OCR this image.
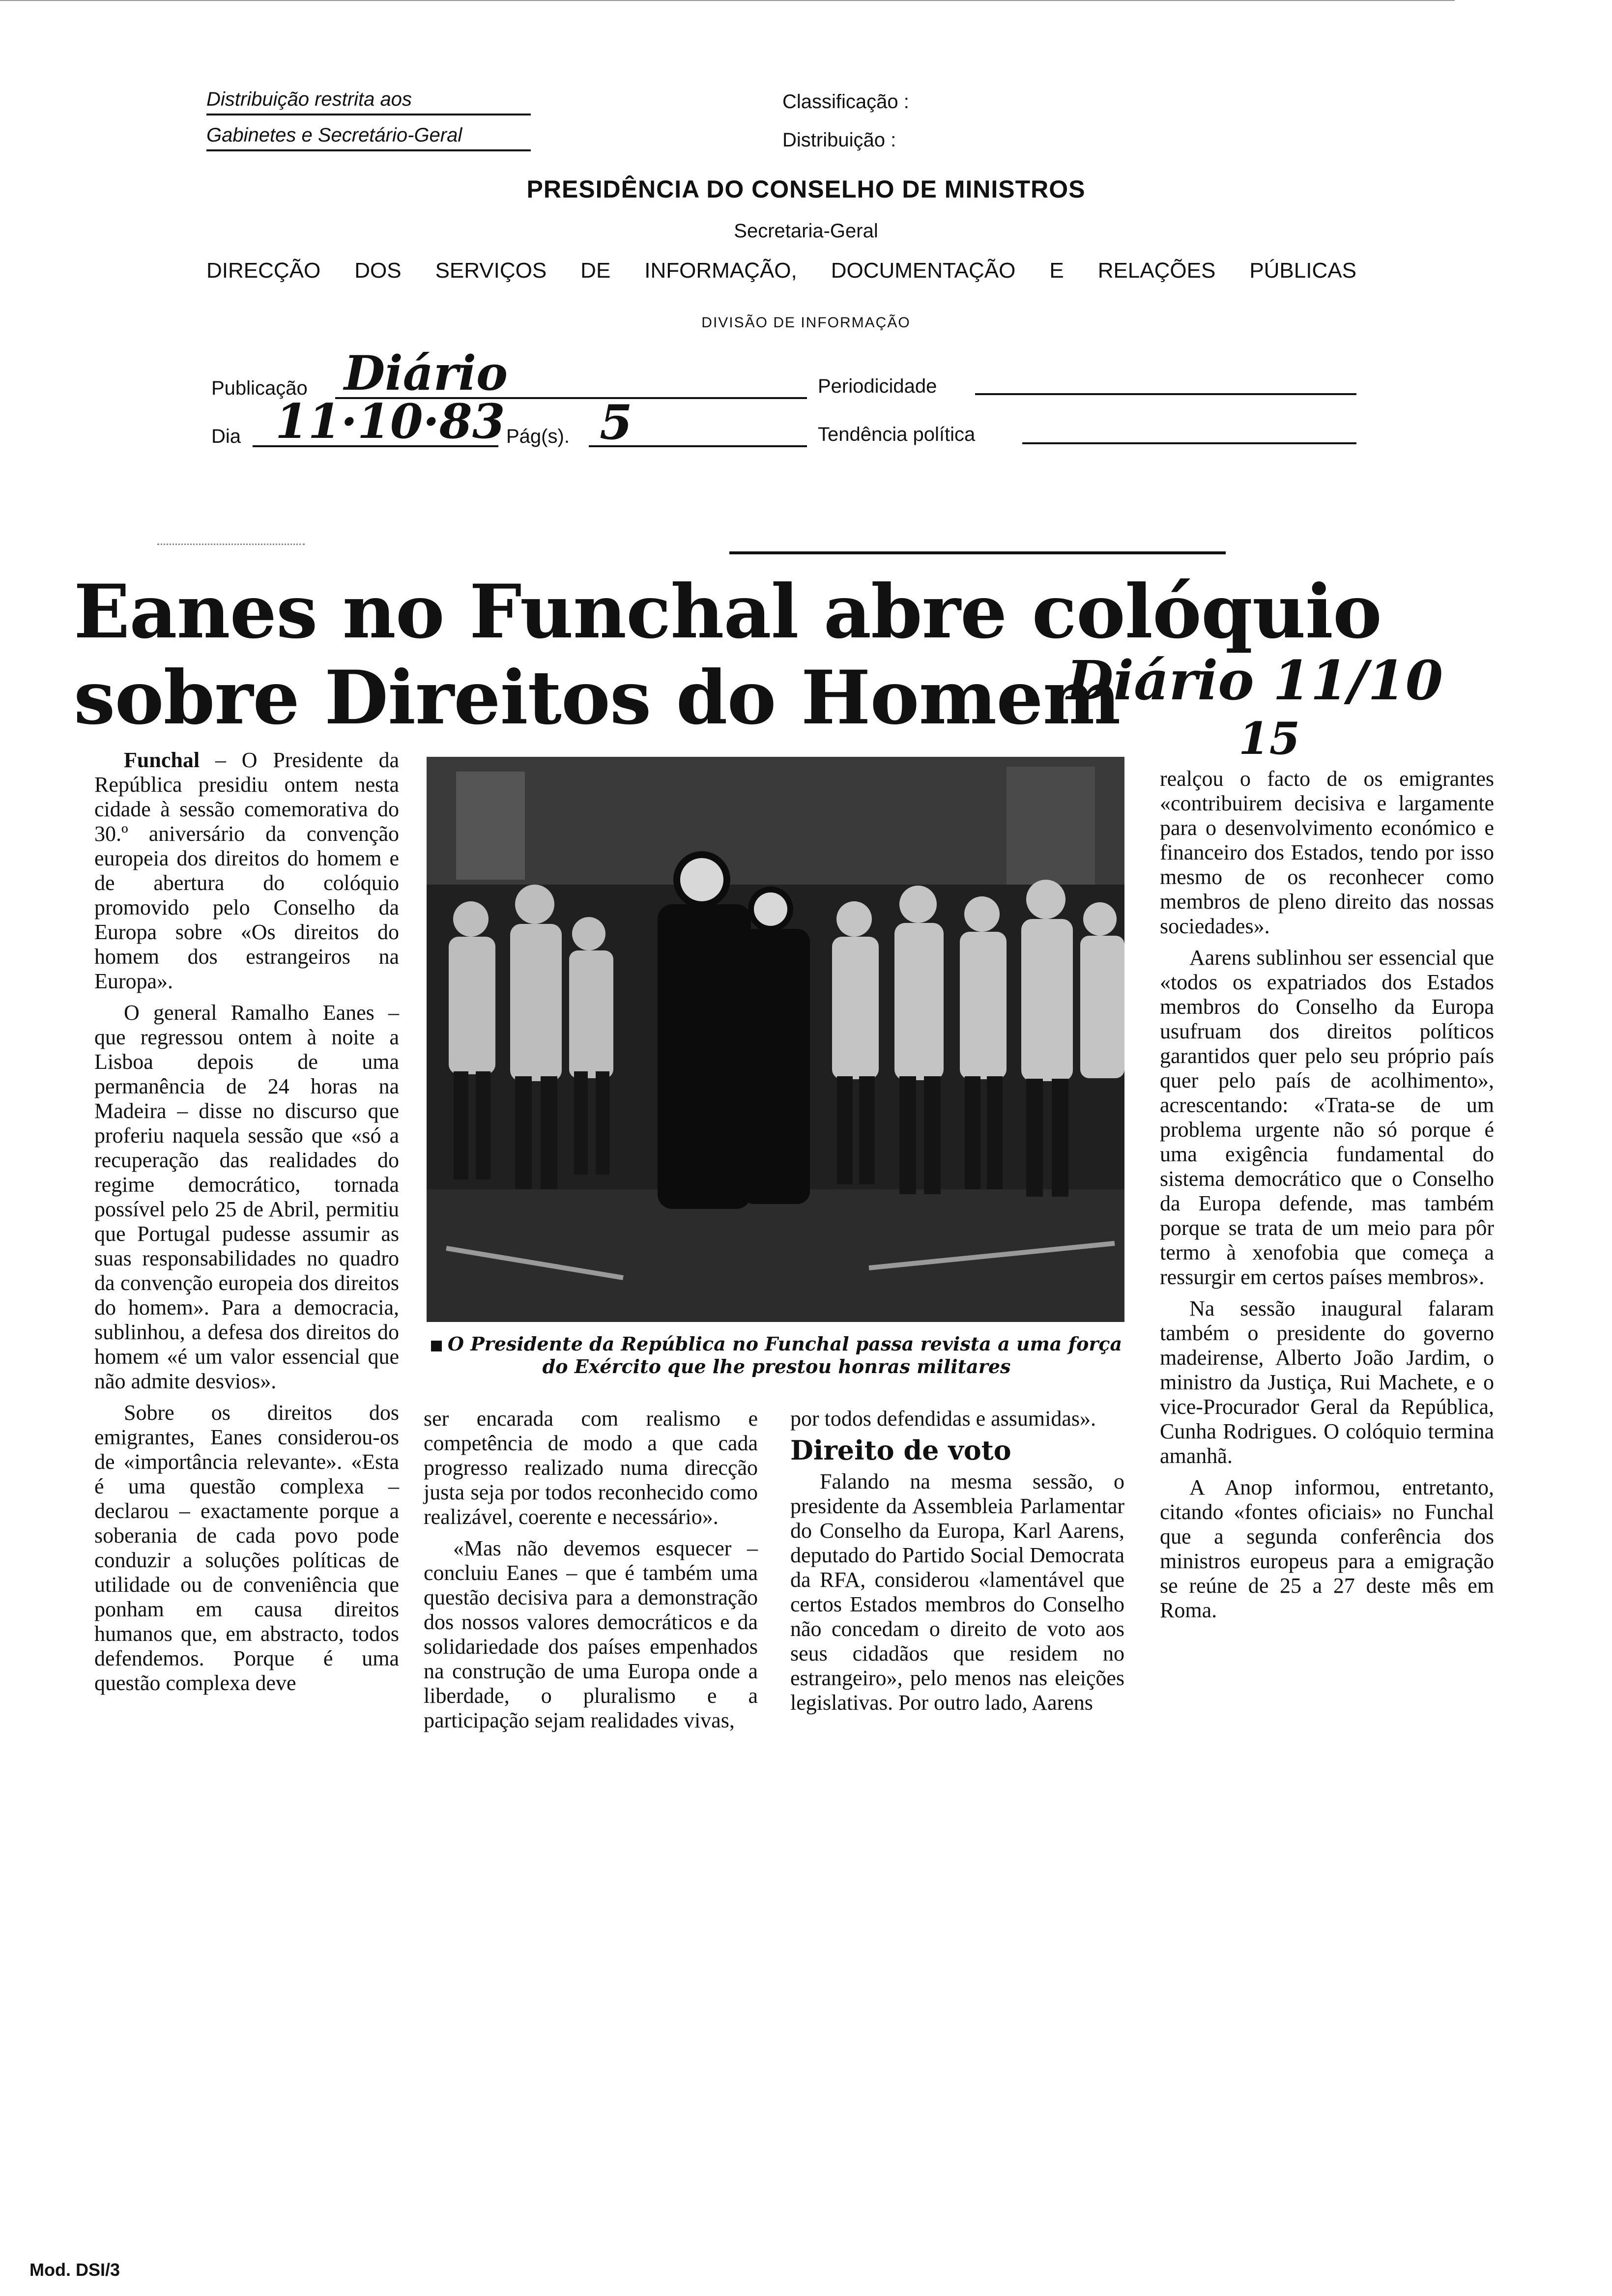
Distribuição restrita aos
Gabinetes e Secretário-Geral
Classificação :
Distribuição :
PRESIDÊNCIA DO CONSELHO DE MINISTROS
Secretaria-Geral
DIRECÇÃO DOS SERVIÇOS DE INFORMAÇÃO, DOCUMENTAÇÃO E RELAÇÕES PÚBLICAS
DIVISÃO DE INFORMAÇÃO
Publicação Diário	Periodicidade
Dia 11·10·83 Pág(s). 5	Tendência política
Eanes no Funchal abre colóquio
sobre Direitos do Homem
Diário 11/10
15

Funchal – O Presidente da República presidiu ontem nesta cidade à sessão comemorativa do 30.º aniversário da convenção europeia dos direitos do homem e de abertura do colóquio promovido pelo Conselho da Europa sobre «Os direitos do homem dos estrangeiros na Europa».

O general Ramalho Eanes – que regressou ontem à noite a Lisboa depois de uma permanência de 24 horas na Madeira – disse no discurso que proferiu naquela sessão que «só a recuperação das realidades do regime democrático, tornada possível pelo 25 de Abril, permitiu que Portugal pudesse assumir as suas responsabilidades no quadro da convenção europeia dos direitos do homem». Para a democracia, sublinhou, a defesa dos direitos do homem «é um valor essencial que não admite desvios».

Sobre os direitos dos emigrantes, Eanes considerou-os de «importância relevante». «Esta é uma questão complexa – declarou – exactamente porque a soberania de cada povo pode conduzir a soluções políticas de utilidade ou de conveniência que ponham em causa direitos humanos que, em abstracto, todos defendemos. Porque é uma questão complexa deve

O Presidente da República no Funchal passa revista a uma força do Exército que lhe prestou honras militares

ser encarada com realismo e competência de modo a que cada progresso realizado numa direcção justa seja por todos reconhecido como realizável, coerente e necessário».

«Mas não devemos esquecer – concluiu Eanes – que é também uma questão decisiva para a demonstração dos nossos valores democráticos e da solidariedade dos países empenhados na construção de uma Europa onde a liberdade, o pluralismo e a participação sejam realidades vivas,

por todos defendidas e assumidas».

Direito de voto

Falando na mesma sessão, o presidente da Assembleia Parlamentar do Conselho da Europa, Karl Aarens, deputado do Partido Social Democrata da RFA, considerou «lamentável que certos Estados membros do Conselho não concedam o direito de voto aos seus cidadãos que residem no estrangeiro», pelo menos nas eleições legislativas. Por outro lado, Aarens

realçou o facto de os emigrantes «contribuirem decisiva e largamente para o desenvolvimento económico e financeiro dos Estados, tendo por isso mesmo de os reconhecer como membros de pleno direito das nossas sociedades».

Aarens sublinhou ser essencial que «todos os expatriados dos Estados membros do Conselho da Europa usufruam dos direitos políticos garantidos quer pelo seu próprio país quer pelo país de acolhimento», acrescentando: «Trata-se de um problema urgente não só porque é uma exigência fundamental do sistema democrático que o Conselho da Europa defende, mas também porque se trata de um meio para pôr termo à xenofobia que começa a ressurgir em certos países membros».

Na sessão inaugural falaram também o presidente do governo madeirense, Alberto João Jardim, o ministro da Justiça, Rui Machete, e o vice-Procurador Geral da República, Cunha Rodrigues. O colóquio termina amanhã.

A Anop informou, entretanto, citando «fontes oficiais» no Funchal que a segunda conferência dos ministros europeus para a emigração se reúne de 25 a 27 deste mês em Roma.

Mod. DSI/3
